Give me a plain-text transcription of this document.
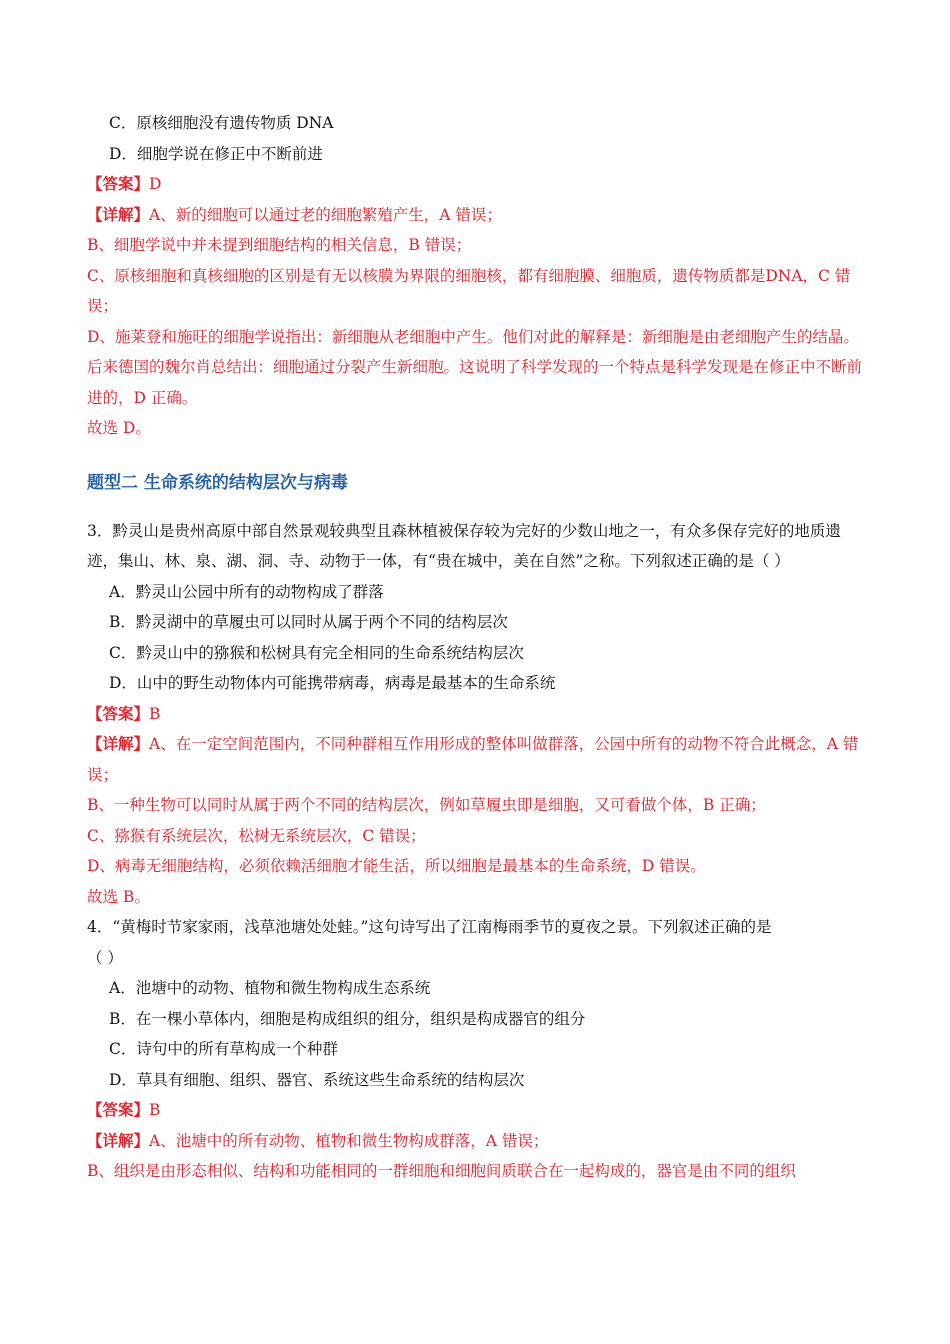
C．原核细胞没有遗传物质 DNA
D．细胞学说在修正中不断前进
【答案】D
【详解】A、新的细胞可以通过老的细胞繁殖产生，A 错误；
B、细胞学说中并未提到细胞结构的相关信息，B 错误；
C、原核细胞和真核细胞的区别是有无以核膜为界限的细胞核，都有细胞膜、细胞质，遗传物质都是DNA，C 错误；
D、施莱登和施旺的细胞学说指出：新细胞从老细胞中产生。他们对此的解释是：新细胞是由老细胞产生的结晶。后来德国的魏尔肖总结出：细胞通过分裂产生新细胞。这说明了科学发现的一个特点是科学发现是在修正中不断前进的，D 正确。
故选 D。
题型二 生命系统的结构层次与病毒
3．黔灵山是贵州高原中部自然景观较典型且森林植被保存较为完好的少数山地之一，有众多保存完好的地质遗迹，集山、林、泉、湖、洞、寺、动物于一体，有“贵在城中，美在自然”之称。下列叙述正确的是（ ）
A．黔灵山公园中所有的动物构成了群落
B．黔灵湖中的草履虫可以同时从属于两个不同的结构层次
C．黔灵山中的猕猴和松树具有完全相同的生命系统结构层次
D．山中的野生动物体内可能携带病毒，病毒是最基本的生命系统
【答案】B
【详解】A、在一定空间范围内，不同种群相互作用形成的整体叫做群落，公园中所有的动物不符合此概念，A 错误；
B、一种生物可以同时从属于两个不同的结构层次，例如草履虫即是细胞，又可看做个体，B 正确；
C、猕猴有系统层次，松树无系统层次，C 错误；
D、病毒无细胞结构，必须依赖活细胞才能生活，所以细胞是最基本的生命系统，D 错误。
故选 B。
4．“黄梅时节家家雨，浅草池塘处处蛙。”这句诗写出了江南梅雨季节的夏夜之景。下列叙述正确的是
（ ）
A．池塘中的动物、植物和微生物构成生态系统
B．在一棵小草体内，细胞是构成组织的组分，组织是构成器官的组分
C．诗句中的所有草构成一个种群
D．草具有细胞、组织、器官、系统这些生命系统的结构层次
【答案】B
【详解】A、池塘中的所有动物、植物和微生物构成群落，A 错误；
B、组织是由形态相似、结构和功能相同的一群细胞和细胞间质联合在一起构成的，器官是由不同的组织
